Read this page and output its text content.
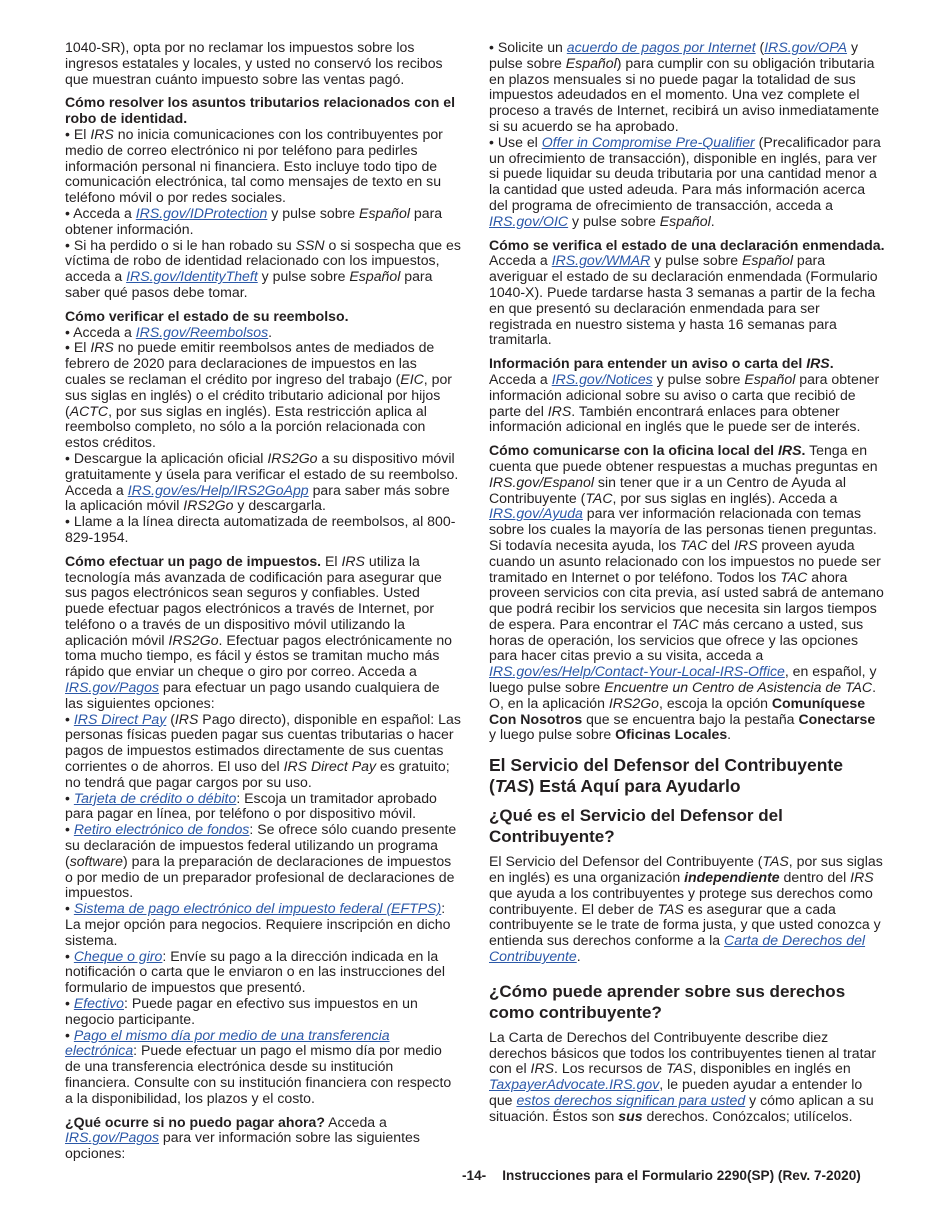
1040-SR), opta por no reclamar los impuestos sobre los ingresos estatales y locales, y usted no conservó los recibos que muestran cuánto impuesto sobre las ventas pagó.

Cómo resolver los asuntos tributarios relacionados con el robo de identidad.

• El IRS no inicia comunicaciones con los contribuyentes por medio de correo electrónico ni por teléfono para pedirles información personal ni financiera. Esto incluye todo tipo de comunicación electrónica, tal como mensajes de texto en su teléfono móvil o por redes sociales.

• Acceda a IRS.gov/IDProtection y pulse sobre Español para obtener información.

• Si ha perdido o si le han robado su SSN o si sospecha que es víctima de robo de identidad relacionado con los impuestos, acceda a IRS.gov/IdentityTheft y pulse sobre Español para saber qué pasos debe tomar.

Cómo verificar el estado de su reembolso.

• Acceda a IRS.gov/Reembolsos.

• El IRS no puede emitir reembolsos antes de mediados de febrero de 2020 para declaraciones de impuestos en las cuales se reclaman el crédito por ingreso del trabajo (EIC, por sus siglas en inglés) o el crédito tributario adicional por hijos (ACTC, por sus siglas en inglés). Esta restricción aplica al reembolso completo, no sólo a la porción relacionada con estos créditos.

• Descargue la aplicación oficial IRS2Go a su dispositivo móvil gratuitamente y úsela para verificar el estado de su reembolso. Acceda a IRS.gov/es/Help/IRS2GoApp para saber más sobre la aplicación móvil IRS2Go y descargarla.

• Llame a la línea directa automatizada de reembolsos, al 800-829-1954.

Cómo efectuar un pago de impuestos. El IRS utiliza la tecnología más avanzada de codificación para asegurar que sus pagos electrónicos sean seguros y confiables. Usted puede efectuar pagos electrónicos a través de Internet, por teléfono o a través de un dispositivo móvil utilizando la aplicación móvil IRS2Go. Efectuar pagos electrónicamente no toma mucho tiempo, es fácil y éstos se tramitan mucho más rápido que enviar un cheque o giro por correo. Acceda a IRS.gov/Pagos para efectuar un pago usando cualquiera de las siguientes opciones:

• IRS Direct Pay (IRS Pago directo), disponible en español: Las personas físicas pueden pagar sus cuentas tributarias o hacer pagos de impuestos estimados directamente de sus cuentas corrientes o de ahorros. El uso del IRS Direct Pay es gratuito; no tendrá que pagar cargos por su uso.

• Tarjeta de crédito o débito: Escoja un tramitador aprobado para pagar en línea, por teléfono o por dispositivo móvil.

• Retiro electrónico de fondos: Se ofrece sólo cuando presente su declaración de impuestos federal utilizando un programa (software) para la preparación de declaraciones de impuestos o por medio de un preparador profesional de declaraciones de impuestos.

• Sistema de pago electrónico del impuesto federal (EFTPS): La mejor opción para negocios. Requiere inscripción en dicho sistema.

• Cheque o giro: Envíe su pago a la dirección indicada en la notificación o carta que le enviaron o en las instrucciones del formulario de impuestos que presentó.

• Efectivo: Puede pagar en efectivo sus impuestos en un negocio participante.

• Pago el mismo día por medio de una transferencia electrónica: Puede efectuar un pago el mismo día por medio de una transferencia electrónica desde su institución financiera. Consulte con su institución financiera con respecto a la disponibilidad, los plazos y el costo.

¿Qué ocurre si no puedo pagar ahora? Acceda a IRS.gov/Pagos para ver información sobre las siguientes opciones:

• Solicite un acuerdo de pagos por Internet (IRS.gov/OPA y pulse sobre Español) para cumplir con su obligación tributaria en plazos mensuales si no puede pagar la totalidad de sus impuestos adeudados en el momento. Una vez complete el proceso a través de Internet, recibirá un aviso inmediatamente si su acuerdo se ha aprobado.

• Use el Offer in Compromise Pre-Qualifier (Precalificador para un ofrecimiento de transacción), disponible en inglés, para ver si puede liquidar su deuda tributaria por una cantidad menor a la cantidad que usted adeuda. Para más información acerca del programa de ofrecimiento de transacción, acceda a IRS.gov/OIC y pulse sobre Español.

Cómo se verifica el estado de una declaración enmendada.

Acceda a IRS.gov/WMAR y pulse sobre Español para averiguar el estado de su declaración enmendada (Formulario 1040-X). Puede tardarse hasta 3 semanas a partir de la fecha en que presentó su declaración enmendada para ser registrada en nuestro sistema y hasta 16 semanas para tramitarla.

Información para entender un aviso o carta del IRS.

Acceda a IRS.gov/Notices y pulse sobre Español para obtener información adicional sobre su aviso o carta que recibió de parte del IRS. También encontrará enlaces para obtener información adicional en inglés que le puede ser de interés.

Cómo comunicarse con la oficina local del IRS. Tenga en cuenta que puede obtener respuestas a muchas preguntas en IRS.gov/Espanol sin tener que ir a un Centro de Ayuda al Contribuyente (TAC, por sus siglas en inglés). Acceda a IRS.gov/Ayuda para ver información relacionada con temas sobre los cuales la mayoría de las personas tienen preguntas. Si todavía necesita ayuda, los TAC del IRS proveen ayuda cuando un asunto relacionado con los impuestos no puede ser tramitado en Internet o por teléfono. Todos los TAC ahora proveen servicios con cita previa, así usted sabrá de antemano que podrá recibir los servicios que necesita sin largos tiempos de espera. Para encontrar el TAC más cercano a usted, sus horas de operación, los servicios que ofrece y las opciones para hacer citas previo a su visita, acceda a IRS.gov/es/Help/Contact-Your-Local-IRS-Office, en español, y luego pulse sobre Encuentre un Centro de Asistencia de TAC. O, en la aplicación IRS2Go, escoja la opción Comuníquese Con Nosotros que se encuentra bajo la pestaña Conectarse y luego pulse sobre Oficinas Locales.

El Servicio del Defensor del Contribuyente (TAS) Está Aquí para Ayudarlo
¿Qué es el Servicio del Defensor del Contribuyente?

El Servicio del Defensor del Contribuyente (TAS, por sus siglas en inglés) es una organización independiente dentro del IRS que ayuda a los contribuyentes y protege sus derechos como contribuyente. El deber de TAS es asegurar que a cada contribuyente se le trate de forma justa, y que usted conozca y entienda sus derechos conforme a la Carta de Derechos del Contribuyente.

¿Cómo puede aprender sobre sus derechos como contribuyente?

La Carta de Derechos del Contribuyente describe diez derechos básicos que todos los contribuyentes tienen al tratar con el IRS. Los recursos de TAS, disponibles en inglés en TaxpayerAdvocate.IRS.gov, le pueden ayudar a entender lo que estos derechos significan para usted y cómo aplican a su situación. Éstos son sus derechos. Conózcalos; utilícelos.

-14- Instrucciones para el Formulario 2290(SP) (Rev. 7-2020)
